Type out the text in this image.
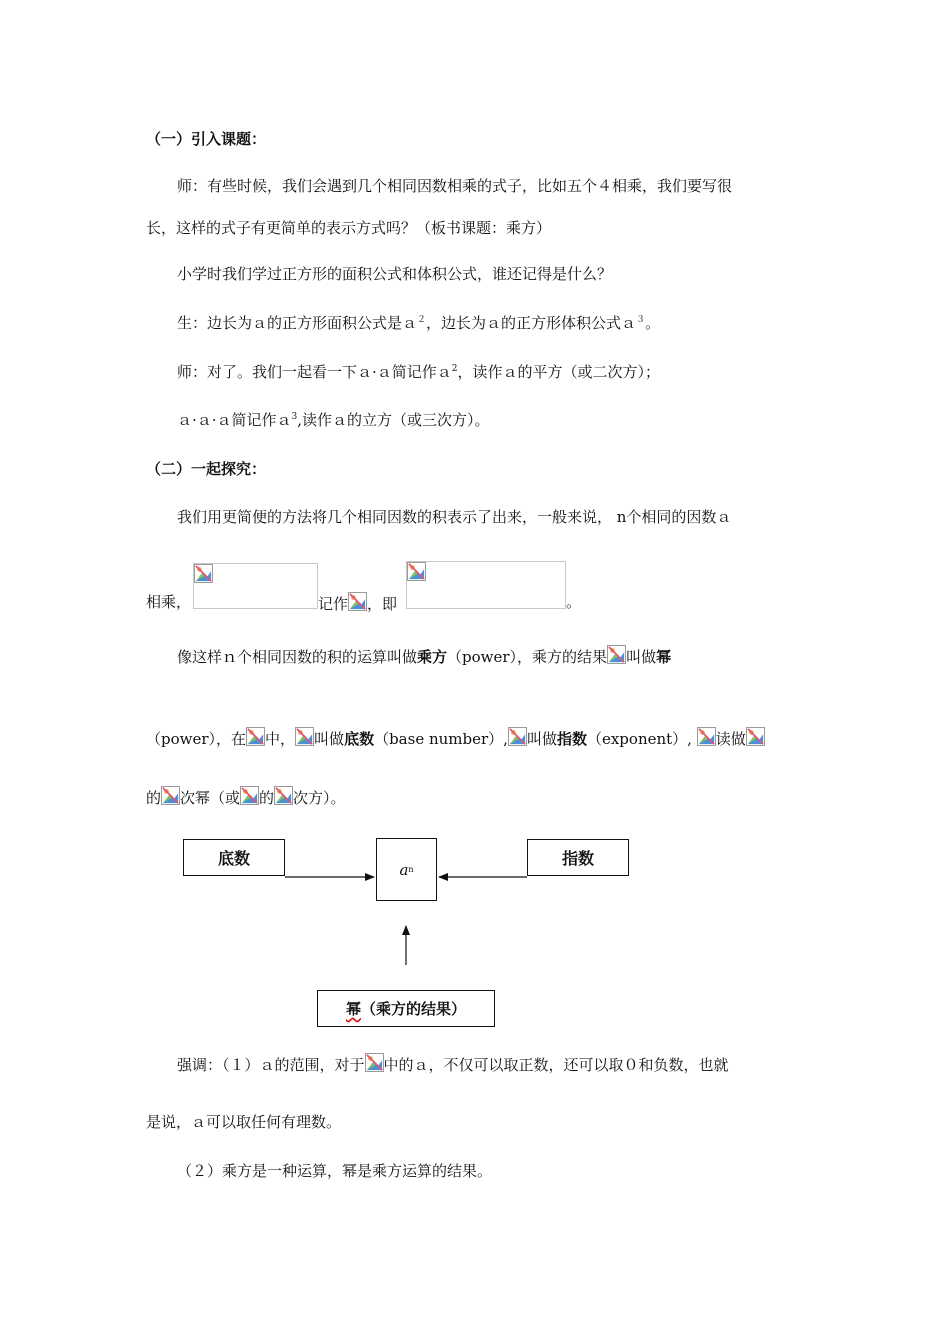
（一）引入课题：
师：有些时候，我们会遇到几个相同因数相乘的式子，比如五个４相乘，我们要写很
长，这样的式子有更简单的表示方式吗？（板书课题：乘方）
小学时我们学过正方形的面积公式和体积公式，谁还记得是什么？
生：边长为ａ的正方形面积公式是ａ$^2$，边长为ａ的正方形体积公式ａ$^3$。
师：对了。我们一起看一下ａ·ａ简记作ａ$^2$，读作ａ的平方（或二次方）；
ａ·ａ·ａ简记作ａ$^3$,读作ａ的立方（或三次方）。
（二）一起探究：
我们用更简便的方法将几个相同因数的积表示了出来，一般来说， n个相同的因数ａ
相乘，	记作 ，即	。
像这样ｎ个相同因数的积的运算叫做乘方（power），乘方的结果 叫做幂
（power），在 中， 叫做底数（base number）, 叫做指数（exponent）, 读做
的 次幂（或 的 次方）。
底数
a n
指数
幂 （乘方的结果）
强调：（１）ａ的范围，对于 中的ａ，不仅可以取正数，还可以取０和负数，也就
是说，ａ可以取任何有理数。
（２）乘方是一种运算，幂是乘方运算的结果。
